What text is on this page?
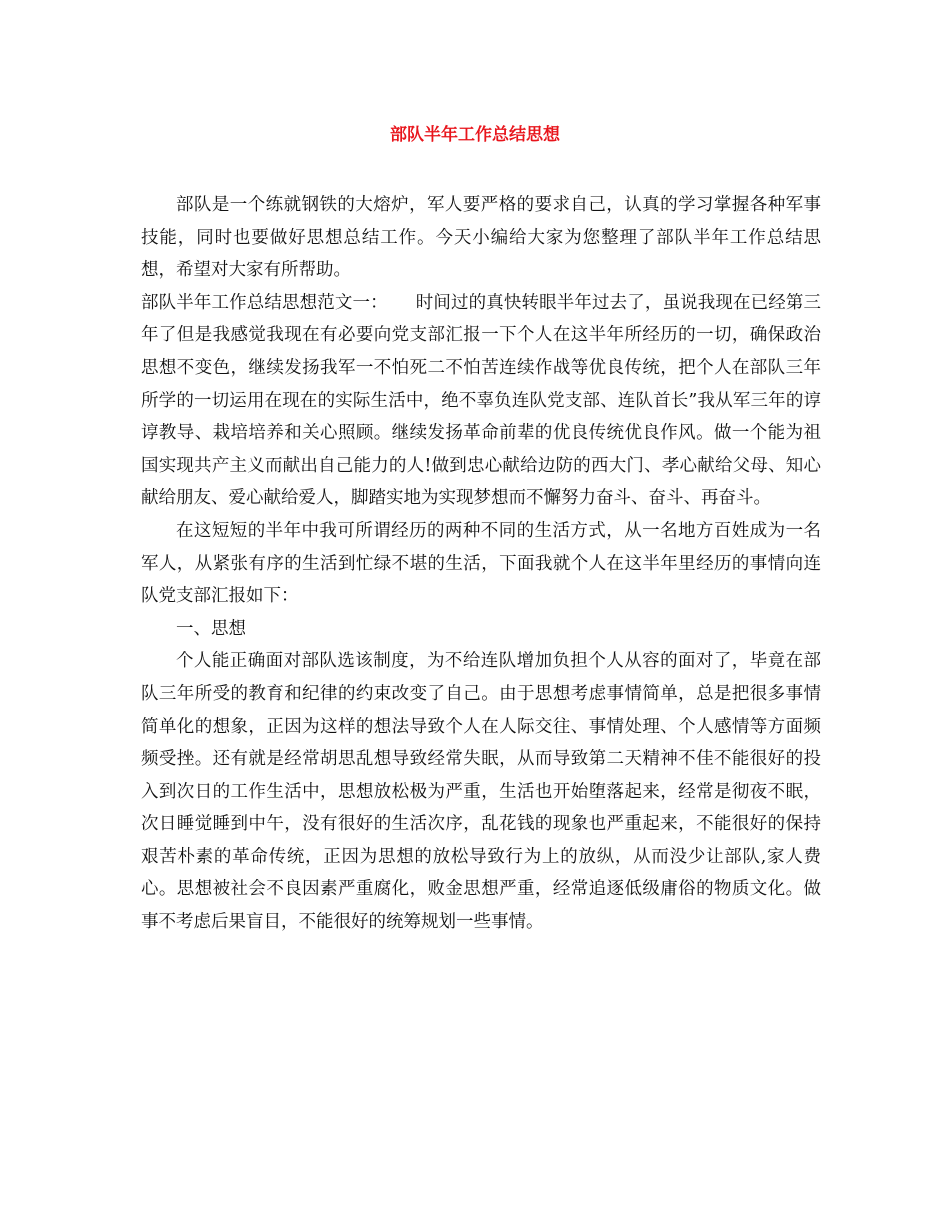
部队半年工作总结思想

部队是一个练就钢铁的大熔炉，军人要严格的要求自己，认真的学习掌握各种军事技能，同时也要做好思想总结工作。今天小编给大家为您整理了部队半年工作总结思想，希望对大家有所帮助。

部队半年工作总结思想范文一： 时间过的真快转眼半年过去了，虽说我现在已经第三年了但是我感觉我现在有必要向党支部汇报一下个人在这半年所经历的一切，确保政治思想不变色，继续发扬我军一不怕死二不怕苦连续作战等优良传统，把个人在部队三年所学的一切运用在现在的实际生活中，绝不辜负连队党支部、连队首长”我从军三年的谆谆教导、栽培培养和关心照顾。继续发扬革命前辈的优良传统优良作风。做一个能为祖国实现共产主义而献出自己能力的人!做到忠心献给边防的西大门、孝心献给父母、知心献给朋友、爱心献给爱人，脚踏实地为实现梦想而不懈努力奋斗、奋斗、再奋斗。

在这短短的半年中我可所谓经历的两种不同的生活方式，从一名地方百姓成为一名军人，从紧张有序的生活到忙绿不堪的生活，下面我就个人在这半年里经历的事情向连队党支部汇报如下：

一、思想

个人能正确面对部队选该制度，为不给连队增加负担个人从容的面对了，毕竟在部队三年所受的教育和纪律的约束改变了自己。由于思想考虑事情简单，总是把很多事情简单化的想象，正因为这样的想法导致个人在人际交往、事情处理、个人感情等方面频频受挫。还有就是经常胡思乱想导致经常失眠，从而导致第二天精神不佳不能很好的投入到次日的工作生活中，思想放松极为严重，生活也开始堕落起来，经常是彻夜不眠，次日睡觉睡到中午，没有很好的生活次序，乱花钱的现象也严重起来，不能很好的保持艰苦朴素的革命传统，正因为思想的放松导致行为上的放纵，从而没少让部队,家人费心。思想被社会不良因素严重腐化，败金思想严重，经常追逐低级庸俗的物质文化。做事不考虑后果盲目，不能很好的统筹规划一些事情。
